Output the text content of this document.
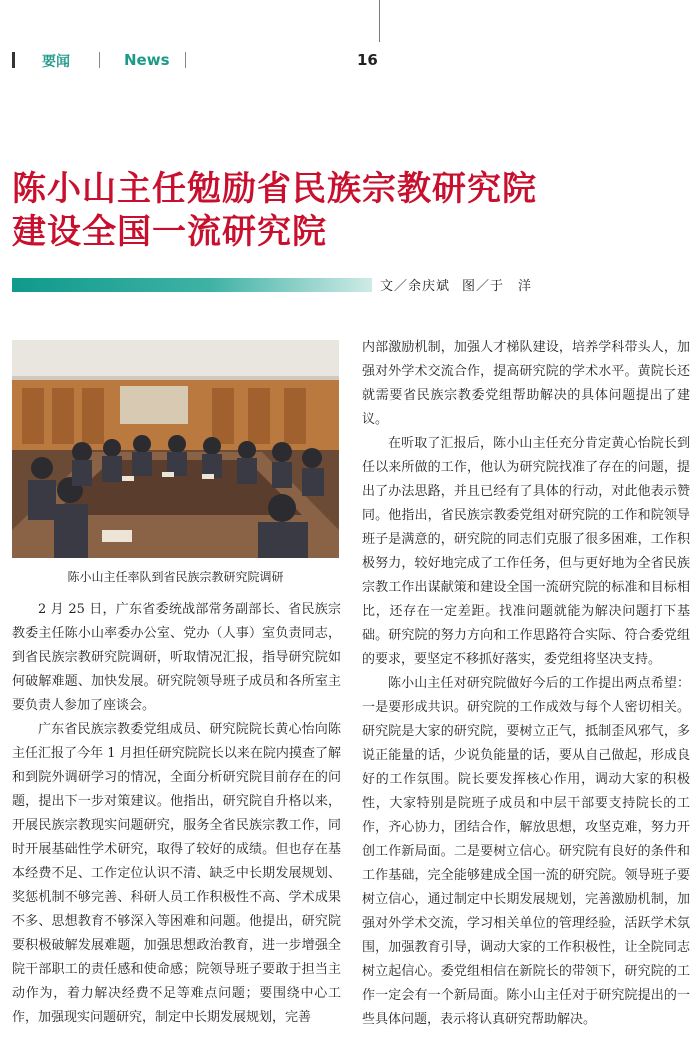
要闻	News	16
陈小山主任勉励省民族宗教研究院
建设全国一流研究院
文／余庆斌 图／于　洋
陈小山主任率队到省民族宗教研究院调研

2 月 25 日，广东省委统战部常务副部长、省民族宗教委主任陈小山率委办公室、党办（人事）室负责同志，到省民族宗教研究院调研，听取情况汇报，指导研究院如何破解难题、加快发展。研究院领导班子成员和各所室主要负责人参加了座谈会。

广东省民族宗教委党组成员、研究院院长黄心怡向陈主任汇报了今年 1 月担任研究院院长以来在院内摸查了解和到院外调研学习的情况，全面分析研究院目前存在的问题，提出下一步对策建议。他指出，研究院自升格以来，开展民族宗教现实问题研究，服务全省民族宗教工作，同时开展基础性学术研究，取得了较好的成绩。但也存在基本经费不足、工作定位认识不清、缺乏中长期发展规划、奖惩机制不够完善、科研人员工作积极性不高、学术成果不多、思想教育不够深入等困难和问题。他提出，研究院要积极破解发展难题，加强思想政治教育，进一步增强全院干部职工的责任感和使命感；院领导班子要敢于担当主动作为，着力解决经费不足等难点问题；要围绕中心工作，加强现实问题研究，制定中长期发展规划，完善

内部激励机制，加强人才梯队建设，培养学科带头人，加强对外学术交流合作，提高研究院的学术水平。黄院长还就需要省民族宗教委党组帮助解决的具体问题提出了建议。

在听取了汇报后，陈小山主任充分肯定黄心怡院长到任以来所做的工作，他认为研究院找准了存在的问题，提出了办法思路，并且已经有了具体的行动，对此他表示赞同。他指出，省民族宗教委党组对研究院的工作和院领导班子是满意的，研究院的同志们克服了很多困难，工作积极努力，较好地完成了工作任务，但与更好地为全省民族宗教工作出谋献策和建设全国一流研究院的标准和目标相比，还存在一定差距。找准问题就能为解决问题打下基础。研究院的努力方向和工作思路符合实际、符合委党组的要求，要坚定不移抓好落实，委党组将坚决支持。

陈小山主任对研究院做好今后的工作提出两点希望：一是要形成共识。研究院的工作成效与每个人密切相关。研究院是大家的研究院，要树立正气，抵制歪风邪气，多说正能量的话，少说负能量的话，要从自己做起，形成良好的工作氛围。院长要发挥核心作用，调动大家的积极性，大家特别是院班子成员和中层干部要支持院长的工作，齐心协力，团结合作，解放思想，攻坚克难，努力开创工作新局面。二是要树立信心。研究院有良好的条件和工作基础，完全能够建成全国一流的研究院。领导班子要树立信心，通过制定中长期发展规划，完善激励机制，加强对外学术交流，学习相关单位的管理经验，活跃学术氛围，加强教育引导，调动大家的工作积极性，让全院同志树立起信心。委党组相信在新院长的带领下，研究院的工作一定会有一个新局面。陈小山主任对于研究院提出的一些具体问题，表示将认真研究帮助解决。
